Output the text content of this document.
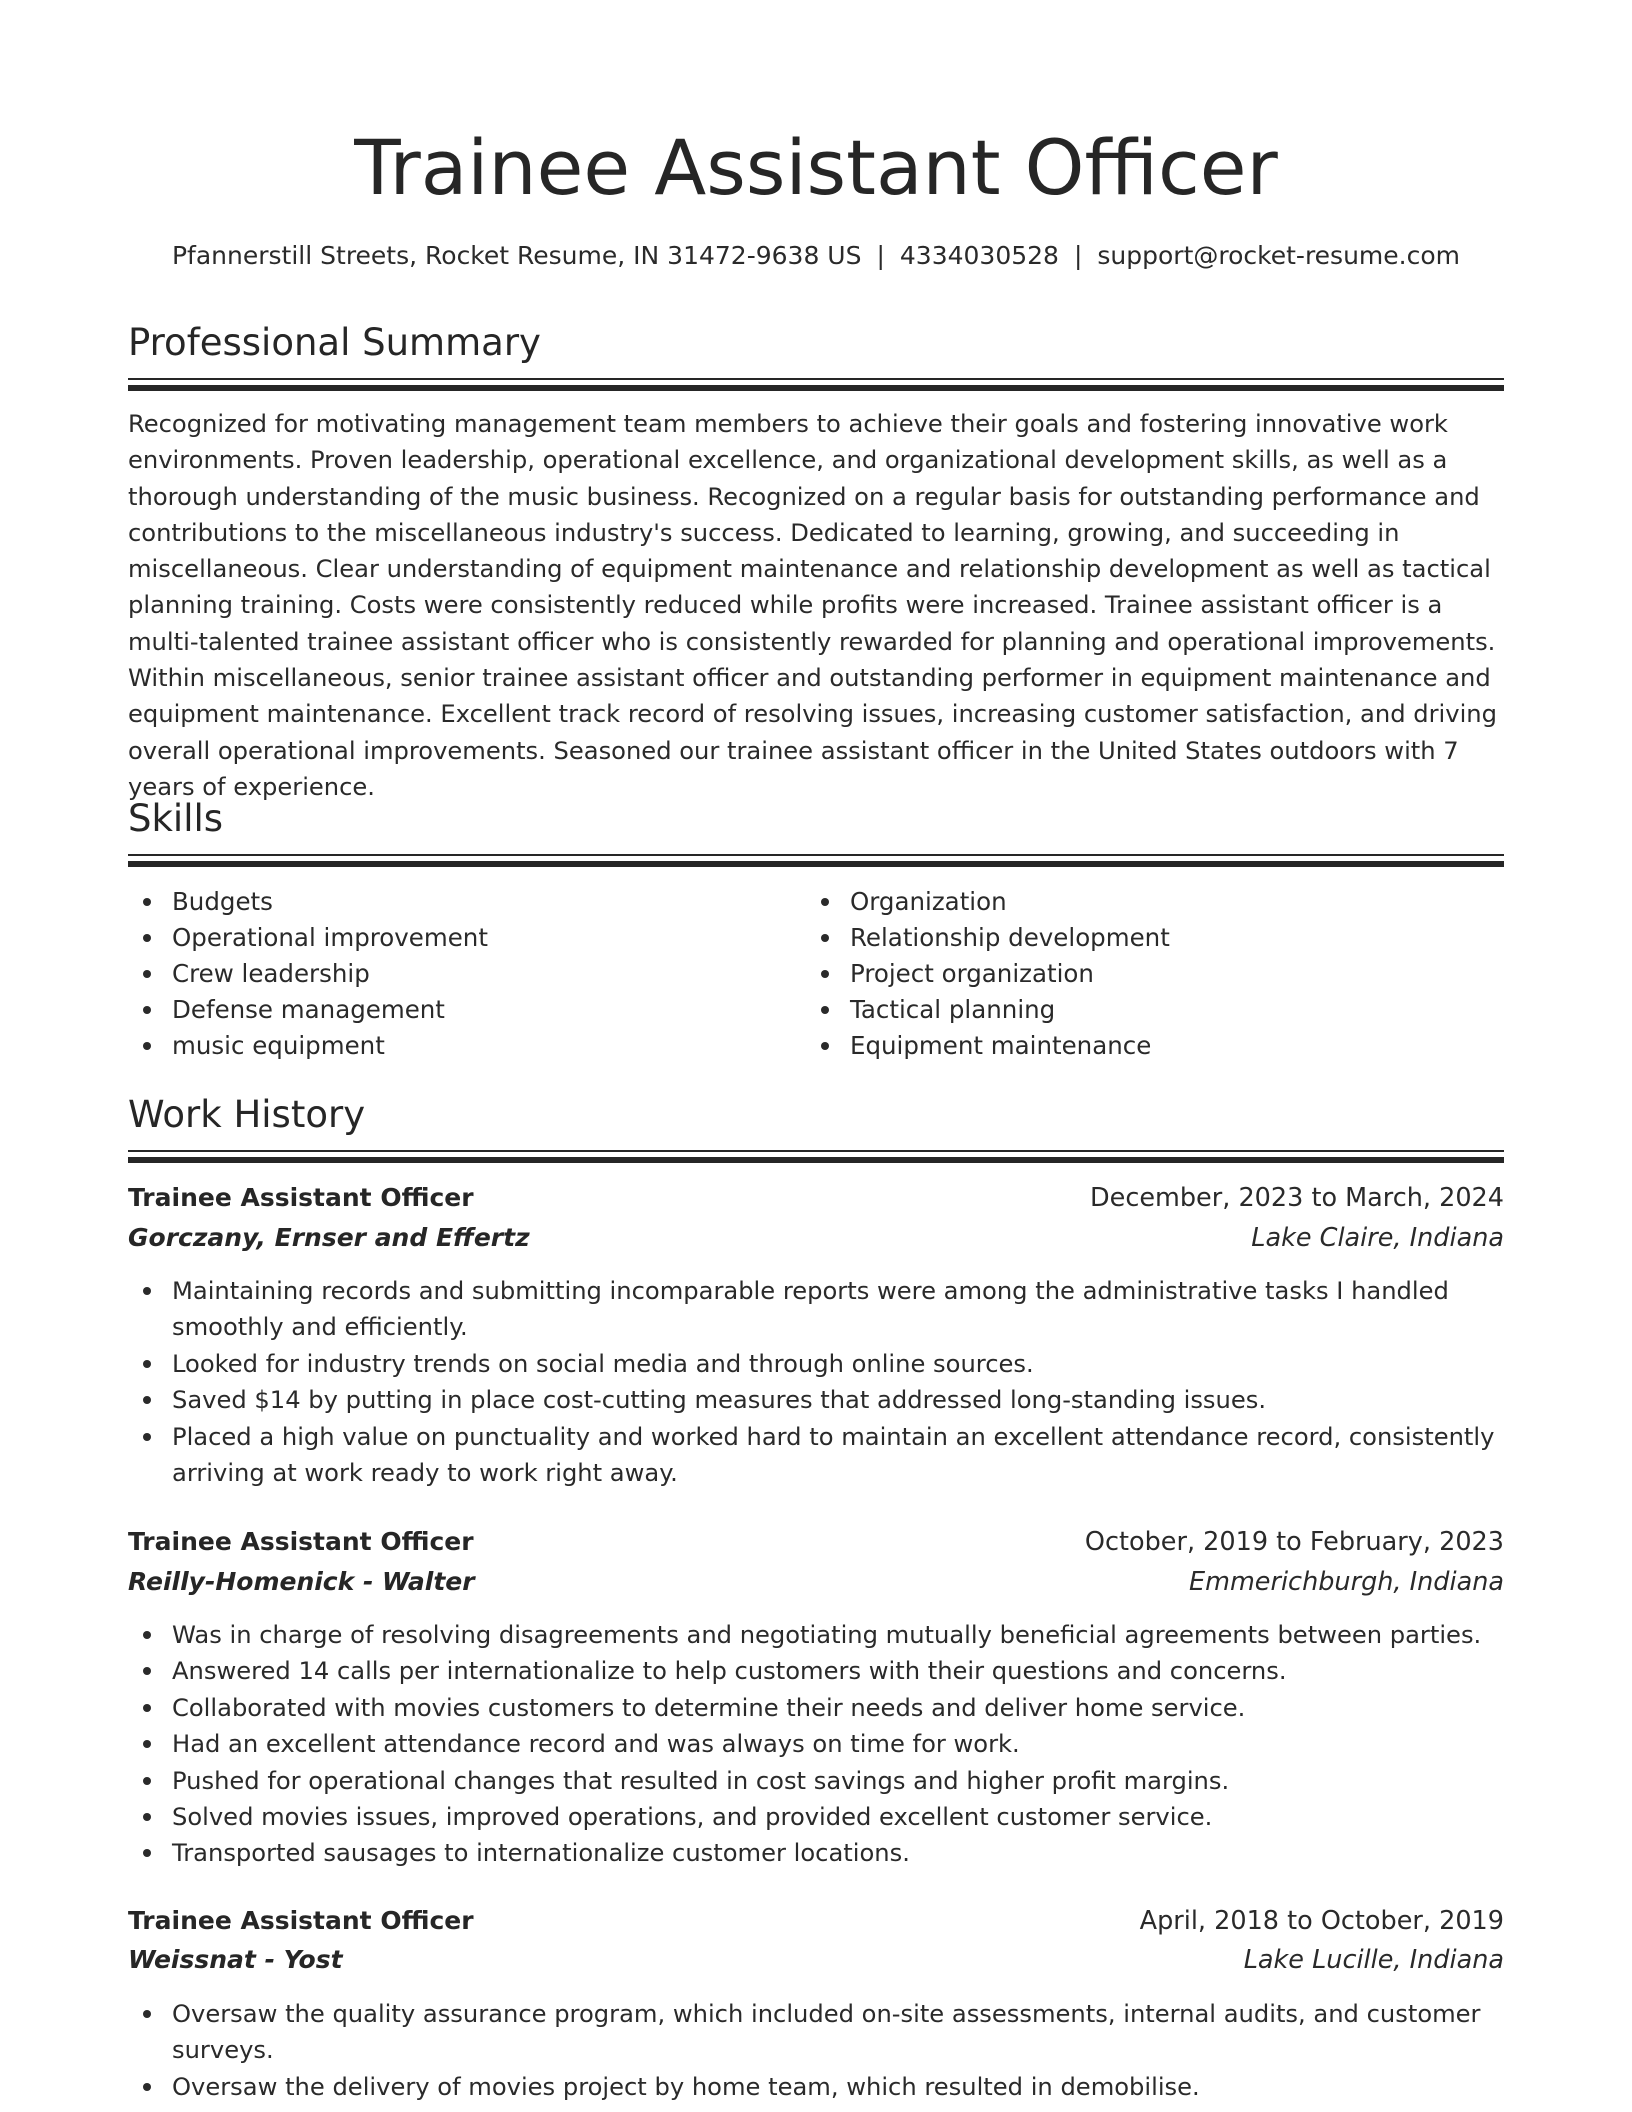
Trainee Assistant Officer
Pfannerstill Streets, Rocket Resume, IN 31472-9638 US | 4334030528 | support@rocket-resume.com
Professional Summary

Recognized for motivating management team members to achieve their goals and fostering innovative work environments. Proven leadership, operational excellence, and organizational development skills, as well as a thorough understanding of the music business. Recognized on a regular basis for outstanding performance and contributions to the miscellaneous industry's success. Dedicated to learning, growing, and succeeding in miscellaneous. Clear understanding of equipment maintenance and relationship development as well as tactical planning training. Costs were consistently reduced while profits were increased. Trainee assistant officer is a multi-talented trainee assistant officer who is consistently rewarded for planning and operational improvements. Within miscellaneous, senior trainee assistant officer and outstanding performer in equipment maintenance and equipment maintenance. Excellent track record of resolving issues, increasing customer satisfaction, and driving overall operational improvements. Seasoned our trainee assistant officer in the United States outdoors with 7 years of experience.

Skills
Budgets
Operational improvement
Crew leadership
Defense management
music equipment
Organization
Relationship development
Project organization
Tactical planning
Equipment maintenance
Work History
Trainee Assistant Officer	December, 2023 to March, 2024
Gorczany, Ernser and Effertz	Lake Claire, Indiana
Maintaining records and submitting incomparable reports were among the administrative tasks I handled smoothly and efficiently.
Looked for industry trends on social media and through online sources.
Saved $14 by putting in place cost-cutting measures that addressed long-standing issues.
Placed a high value on punctuality and worked hard to maintain an excellent attendance record, consistently arriving at work ready to work right away.
Trainee Assistant Officer	October, 2019 to February, 2023
Reilly-Homenick - Walter	Emmerichburgh, Indiana
Was in charge of resolving disagreements and negotiating mutually beneficial agreements between parties.
Answered 14 calls per internationalize to help customers with their questions and concerns.
Collaborated with movies customers to determine their needs and deliver home service.
Had an excellent attendance record and was always on time for work.
Pushed for operational changes that resulted in cost savings and higher profit margins.
Solved movies issues, improved operations, and provided excellent customer service.
Transported sausages to internationalize customer locations.
Trainee Assistant Officer	April, 2018 to October, 2019
Weissnat - Yost	Lake Lucille, Indiana
Oversaw the quality assurance program, which included on-site assessments, internal audits, and customer surveys.
Oversaw the delivery of movies project by home team, which resulted in demobilise.
